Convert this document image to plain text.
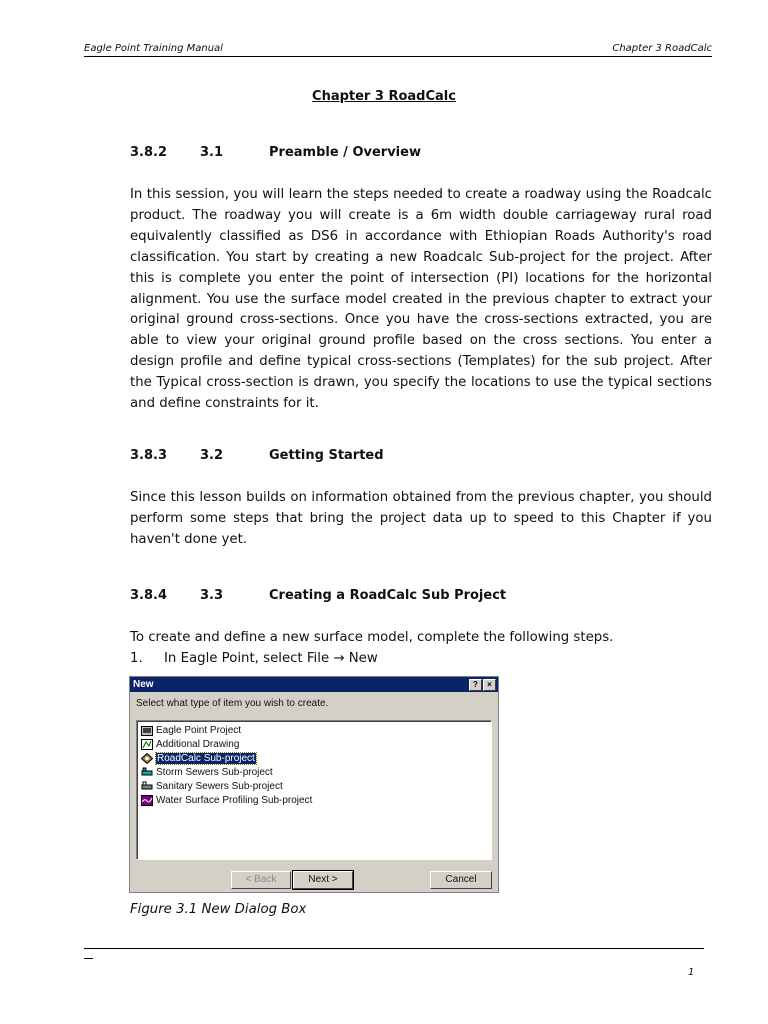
Eagle Point Training Manual	Chapter 3 RoadCalc
Chapter 3 RoadCalc
3.8.2	3.1	Preamble / Overview
In this session, you will learn the steps needed to create a roadway using the Roadcalc product. The roadway you will create is a 6m width double carriageway rural road equivalently classified as DS6 in accordance with Ethiopian Roads Authority's road classification. You start by creating a new Roadcalc Sub-project for the project. After this is complete you enter the point of intersection (PI) locations for the horizontal alignment. You use the surface model created in the previous chapter to extract your original ground cross-sections. Once you have the cross-sections extracted, you are able to view your original ground profile based on the cross sections. You enter a design profile and define typical cross-sections (Templates) for the sub project. After the Typical cross-section is drawn, you specify the locations to use the typical sections and define constraints for it.
3.8.3	3.2	Getting Started
Since this lesson builds on information obtained from the previous chapter, you should perform some steps that bring the project data up to speed to this Chapter if you haven't done yet.
3.8.4	3.3	Creating a RoadCalc Sub Project
To create and define a new surface model, complete the following steps.
1. In Eagle Point, select File → New
New	?	×
Select what type of item you wish to create.
Eagle Point Project
Additional Drawing
RoadCalc Sub-project
Storm Sewers Sub-project
Sanitary Sewers Sub-project
Water Surface Profiling Sub-project
< Back	Next >	Cancel
Figure 3.1 New Dialog Box
1
